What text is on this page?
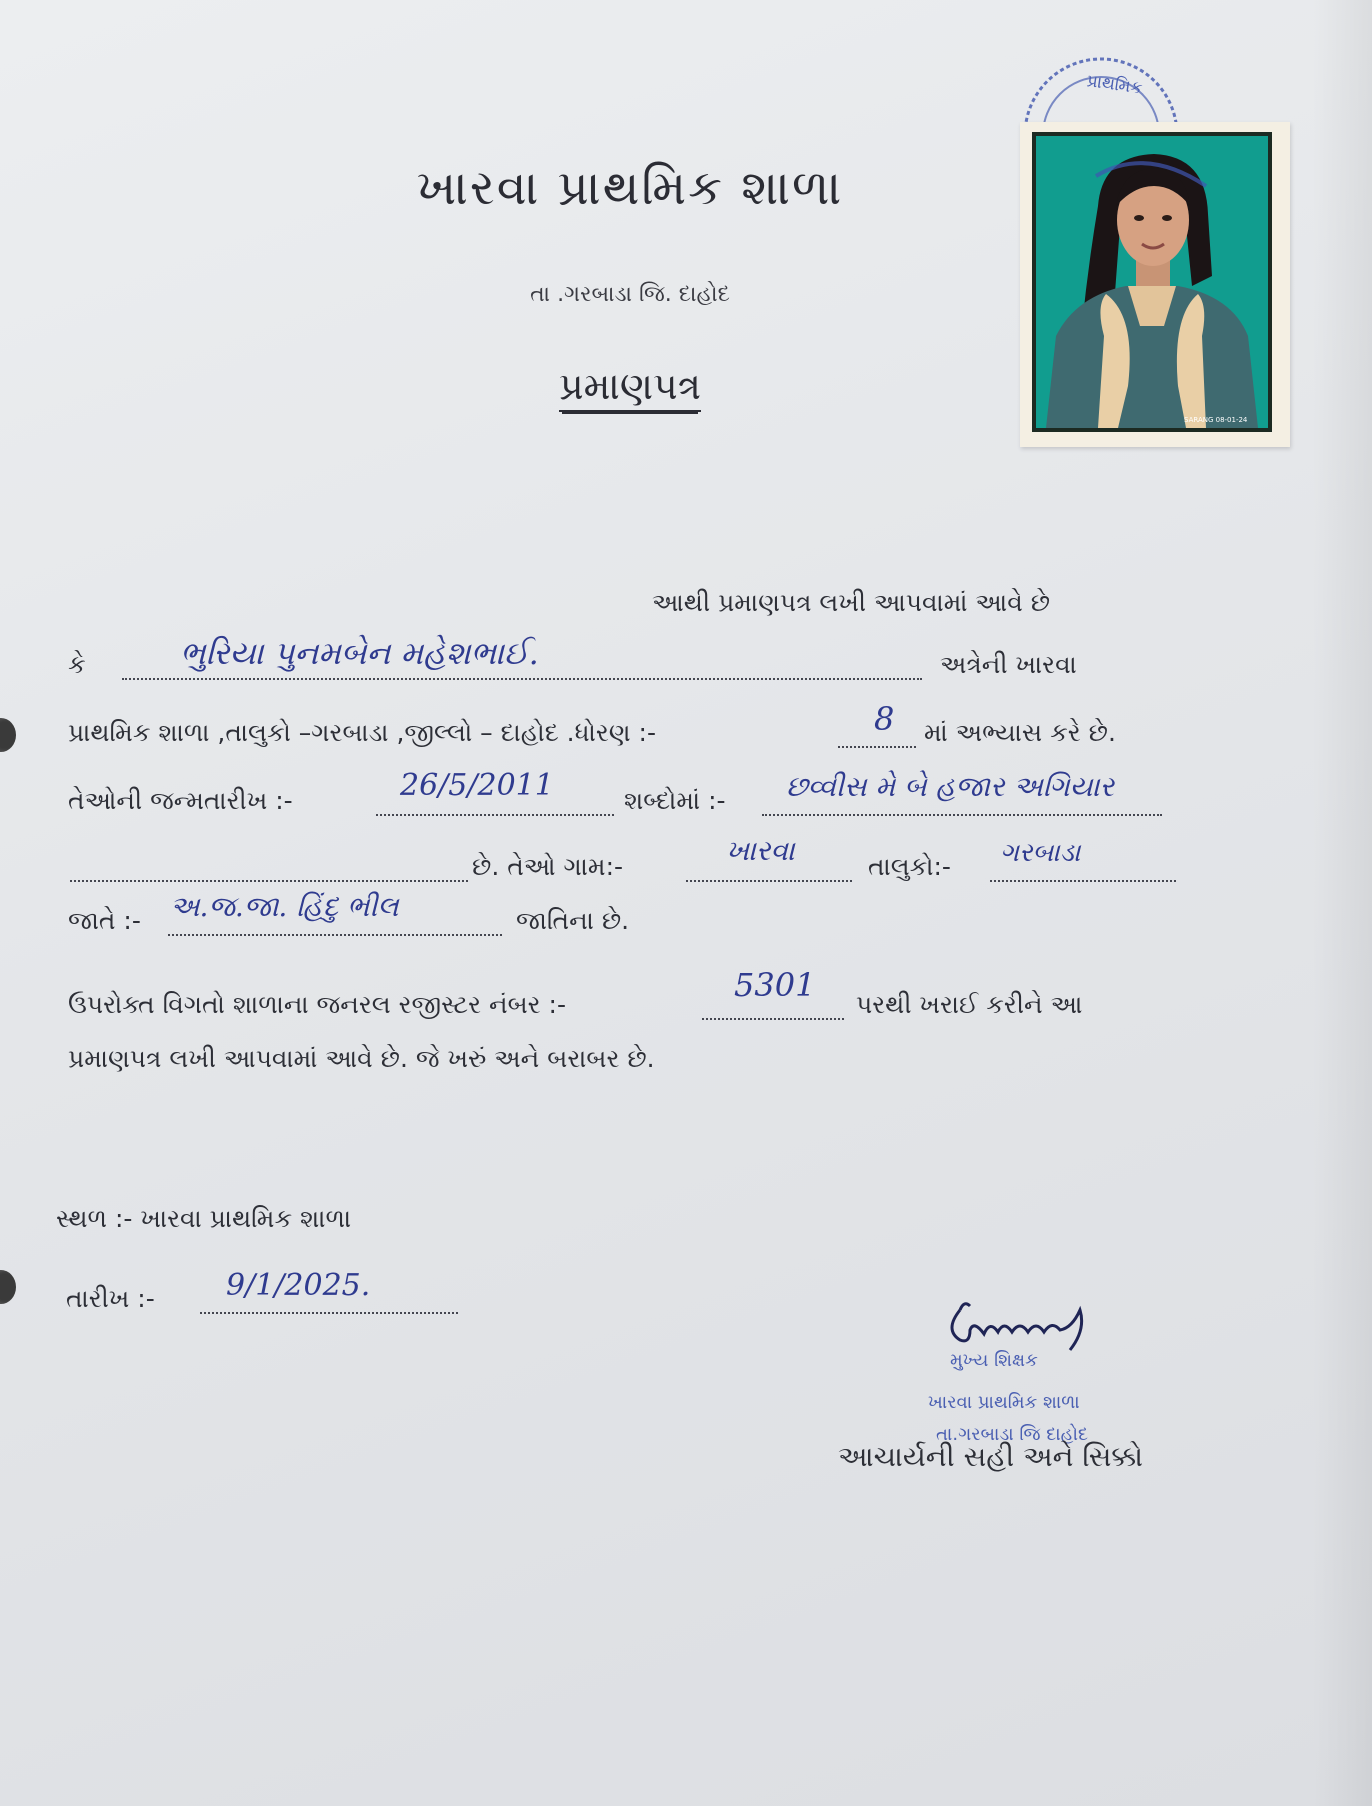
ખારવા પ્રાથમિક શાળા
તા .ગરબાડા જિ. દાહોદ
પ્રમાણપત્ર
પ્રાથમિક
SARANG 08-01-24
આથી પ્રમાણપત્ર લખી આપવામાં આવે છે
કે	ભુરિયા પુનમબેન મહેશભાઈ.	અત્રેની ખારવા
પ્રાથમિક શાળા ,તાલુકો –ગરબાડા ,જીલ્લો – દાહોદ .ધોરણ :-	8 માં અભ્યાસ કરે છે.
તેઓની જન્મતારીખ :-	26/5/2011	શબ્દોમાં :- છવ્વીસ મે બે હજાર અગિયાર
છે. તેઓ ગામ:-	ખારવા	તાલુકો:- ગરબાડા
જાતે :- અ.જ.જા. હિંદુ ભીલ	જાતિના છે.
ઉપરોક્ત વિગતો શાળાના જનરલ રજીસ્ટર નંબર :-
5301
પરથી ખરાઈ કરીને આ
પ્રમાણપત્ર લખી આપવામાં આવે છે. જે ખરું અને બરાબર છે.
સ્થળ :- ખારવા પ્રાથમિક શાળા
તારીખ :- 9/1/2025.
મુખ્ય શિક્ષક
ખારવા પ્રાથમિક શાળા
તા.ગરબાડા જિ દાહોદ
આચાર્યની સહી અને સિક્કો
